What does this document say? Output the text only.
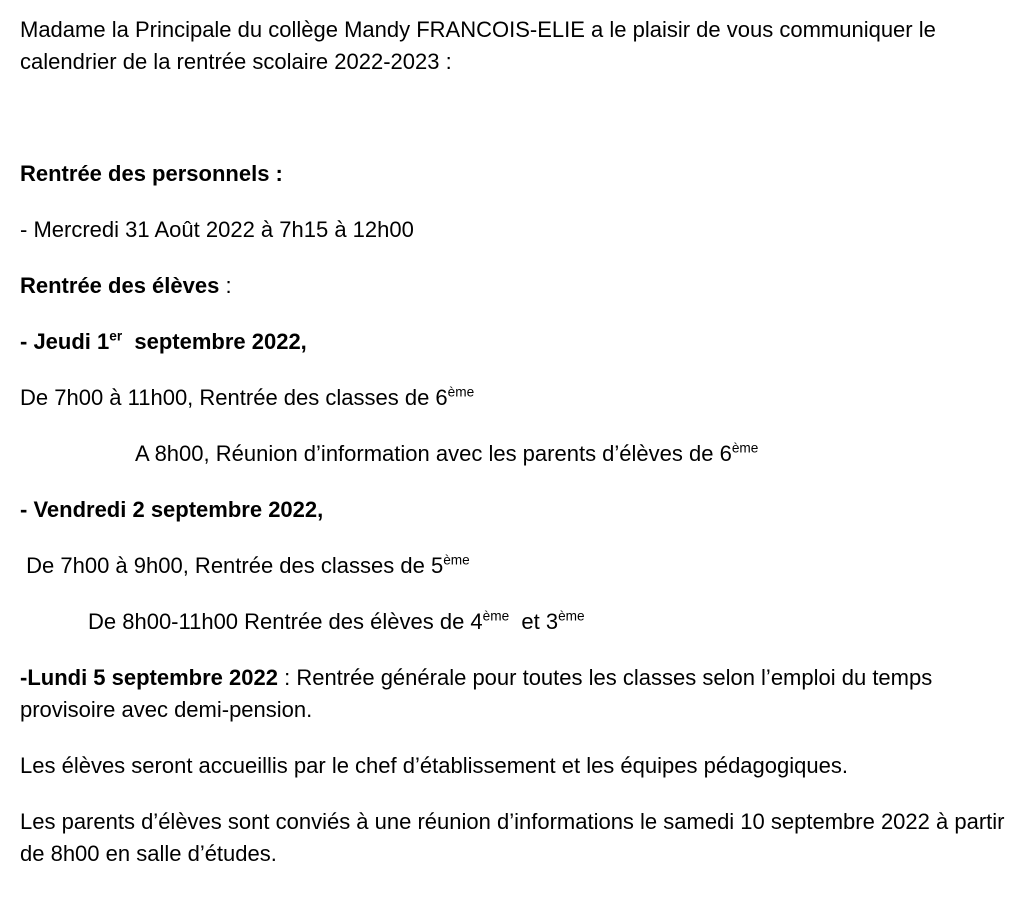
Madame la Principale du collège Mandy FRANCOIS-ELIE a le plaisir de vous communiquer le calendrier de la rentrée scolaire 2022-2023 :

Rentrée des personnels :

- Mercredi 31 Août 2022 à 7h15 à 12h00

Rentrée des élèves :

- Jeudi 1er  septembre 2022,

De 7h00 à 11h00, Rentrée des classes de 6ème

A 8h00, Réunion d’information avec les parents d’élèves de 6ème

- Vendredi 2 septembre 2022,

De 7h00 à 9h00, Rentrée des classes de 5ème

De 8h00-11h00 Rentrée des élèves de 4ème  et 3ème

-Lundi 5 septembre 2022 : Rentrée générale pour toutes les classes selon l’emploi du temps provisoire avec demi-pension.

Les élèves seront accueillis par le chef d’établissement et les équipes pédagogiques.

Les parents d’élèves sont conviés à une réunion d’informations le samedi 10 septembre 2022 à partir de 8h00 en salle d’études.
